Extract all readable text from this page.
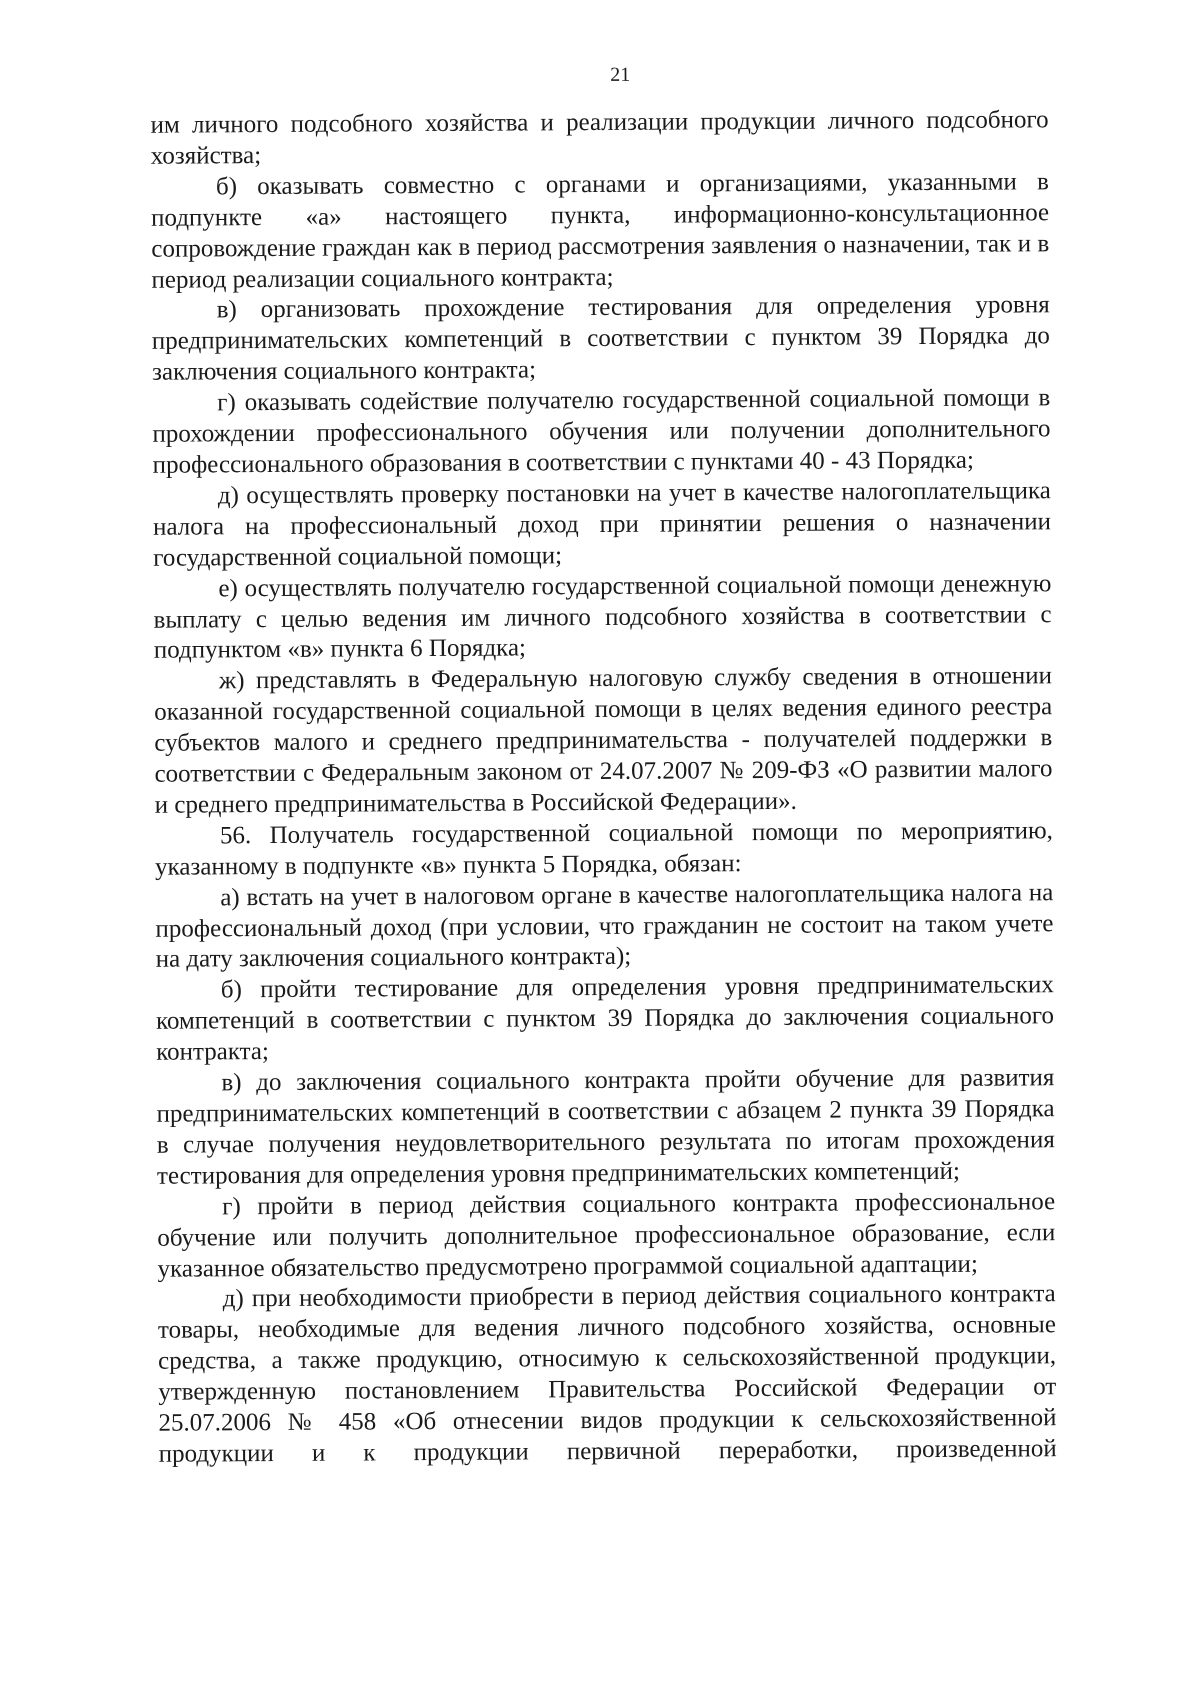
21

им личного подсобного хозяйства и реализации продукции личного подсобного хозяйства;

б) оказывать совместно с органами и организациями, указанными в подпункте «а» настоящего пункта, информационно-консультационное сопровождение граждан как в период рассмотрения заявления о назначении, так и в период реализации социального контракта;

в) организовать прохождение тестирования для определения уровня предпринимательских компетенций в соответствии с пунктом 39 Порядка до заключения социального контракта;

г) оказывать содействие получателю государственной социальной помощи в прохождении профессионального обучения или получении дополнительного профессионального образования в соответствии с пунктами 40 - 43 Порядка;

д) осуществлять проверку постановки на учет в качестве налогоплательщика налога на профессиональный доход при принятии решения о назначении государственной социальной помощи;

е) осуществлять получателю государственной социальной помощи денежную выплату с целью ведения им личного подсобного хозяйства в соответствии с подпунктом «в» пункта 6 Порядка;

ж) представлять в Федеральную налоговую службу сведения в отношении оказанной государственной социальной помощи в целях ведения единого реестра субъектов малого и среднего предпринимательства - получателей поддержки в соответствии с Федеральным законом от 24.07.2007 № 209-ФЗ «О развитии малого и среднего предпринимательства в Российской Федерации».

56. Получатель государственной социальной помощи по мероприятию, указанному в подпункте «в» пункта 5 Порядка, обязан:

а) встать на учет в налоговом органе в качестве налогоплательщика налога на профессиональный доход (при условии, что гражданин не состоит на таком учете на дату заключения социального контракта);

б) пройти тестирование для определения уровня предпринимательских компетенций в соответствии с пунктом 39 Порядка до заключения социального контракта;

в) до заключения социального контракта пройти обучение для развития предпринимательских компетенций в соответствии с абзацем 2 пункта 39 Порядка в случае получения неудовлетворительного результата по итогам прохождения тестирования для определения уровня предпринимательских компетенций;

г) пройти в период действия социального контракта профессиональное обучение или получить дополнительное профессиональное образование, если указанное обязательство предусмотрено программой социальной адаптации;

д) при необходимости приобрести в период действия социального контракта товары, необходимые для ведения личного подсобного хозяйства, основные средства, а также продукцию, относимую к сельскохозяйственной продукции, утвержденную постановлением Правительства Российской Федерации от 25.07.2006 № 458 «Об отнесении видов продукции к сельскохозяйственной продукции и к продукции первичной переработки, произведенной
